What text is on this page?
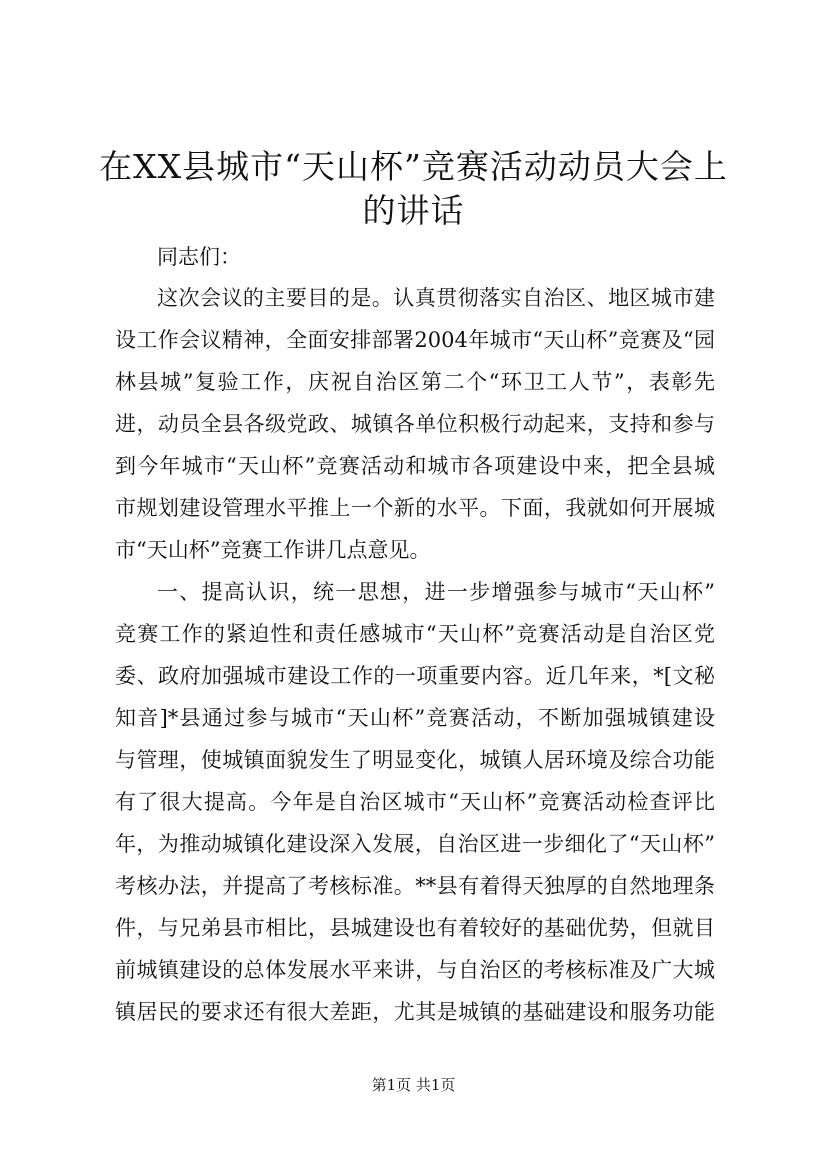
在XX县城市“天山杯”竞赛活动动员大会上
的讲话
同志们：
这次会议的主要目的是。认真贯彻落实自治区、地区城市建
设工作会议精神，全面安排部署2004年城市“天山杯”竞赛及“园
林县城”复验工作，庆祝自治区第二个“环卫工人节”，表彰先
进，动员全县各级党政、城镇各单位积极行动起来，支持和参与
到今年城市“天山杯”竞赛活动和城市各项建设中来，把全县城
市规划建设管理水平推上一个新的水平。下面，我就如何开展城
市“天山杯”竞赛工作讲几点意见。
一、提高认识，统一思想，进一步增强参与城市“天山杯”
竞赛工作的紧迫性和责任感城市“天山杯”竞赛活动是自治区党
委、政府加强城市建设工作的一项重要内容。近几年来，*[文秘
知音]*县通过参与城市“天山杯”竞赛活动，不断加强城镇建设
与管理，使城镇面貌发生了明显变化，城镇人居环境及综合功能
有了很大提高。今年是自治区城市“天山杯”竞赛活动检查评比
年，为推动城镇化建设深入发展，自治区进一步细化了“天山杯”
考核办法，并提高了考核标准。**县有着得天独厚的自然地理条
件，与兄弟县市相比，县城建设也有着较好的基础优势，但就目
前城镇建设的总体发展水平来讲，与自治区的考核标准及广大城
镇居民的要求还有很大差距，尤其是城镇的基础建设和服务功能
第1页 共1页
